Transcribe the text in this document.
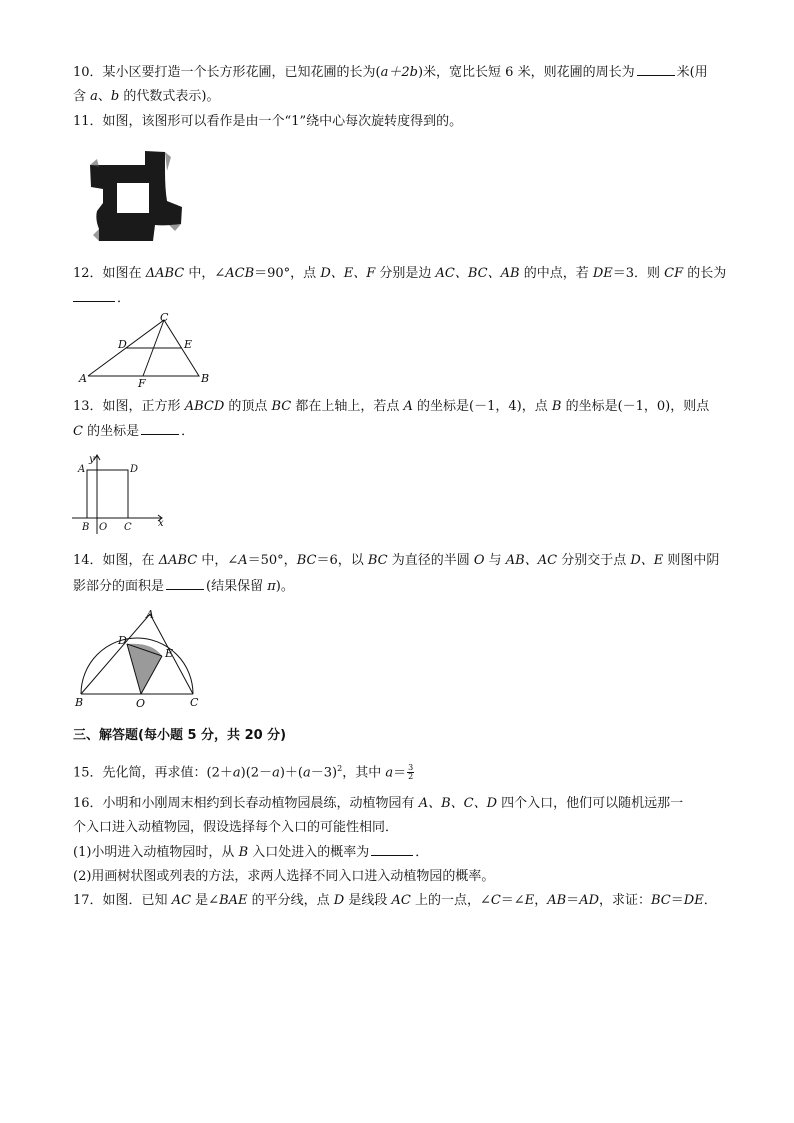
10．某小区要打造一个长方形花圃，已知花圃的长为(a＋2b)米，宽比长短 6 米，则花圃的周长为	米(用
含 a、b 的代数式表示)。
11．如图，该图形可以看作是由一个“1”绕中心每次旋转度得到的。
12．如图在 ΔABC 中，∠ACB＝90°，点 D、E、F 分别是边 AC、BC、AB 的中点，若 DE＝3．则 CF 的长为
．
A	B
C
D	E
F
13．如图，正方形 ABCD 的顶点 BC 都在上轴上，若点 A 的坐标是(－1，4)，点 B 的坐标是(－1，0)，则点
C 的坐标是	．
y
x
A	D
B O C
14．如图，在 ΔABC 中，∠A＝50°，BC＝6，以 BC 为直径的半圆 O 与 AB、AC 分别交于点 D、E 则图中阴
影部分的面积是	(结果保留 π)。
A
D
E
B	O	C
三、解答题(每小题 5 分，共 20 分)
15．先化简，再求值：$(2+a)(2-a)+(a-3)^2$，其中 $a= \frac{3}{2}$
16．小明和小刚周末相约到长春动植物园晨练，动植物园有 A、B、C、D 四个入口，他们可以随机远那一
个入口进入动植物园，假设选择每个入口的可能性相同．
(1)小明进入动植物园时，从 B 入口处进入的概率为	．
(2)用画树状图或列表的方法，求两人选择不同入口进入动植物园的概率。
17．如图．已知 AC 是∠BAE 的平分线，点 D 是线段 AC 上的一点，∠C＝∠E，AB＝AD，求证：BC＝DE．
